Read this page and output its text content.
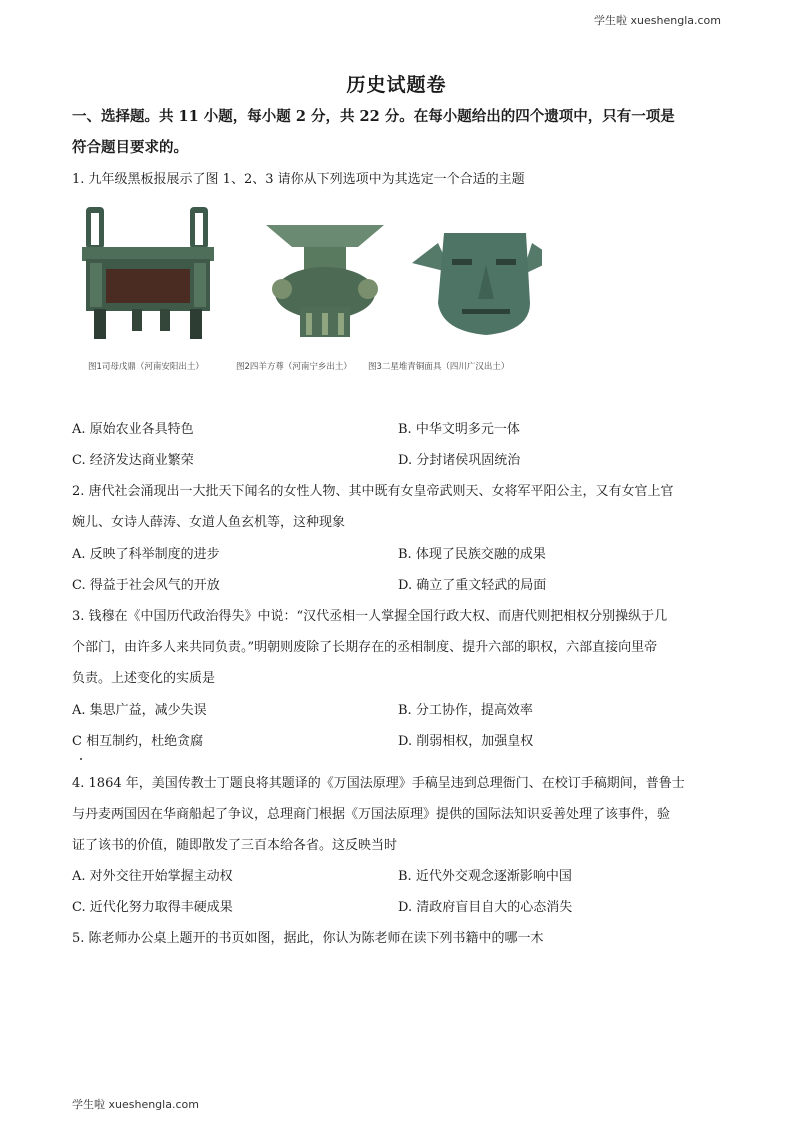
学生啦 xueshengla.com
历史试题卷
一、选择题。共 11 小题，每小题 2 分，共 22 分。在每小题给出的四个遗项中，只有一项是
符合题目要求的。
1. 九年级黑板报展示了图 1、2、3 请你从下列选项中为其选定一个合适的主题
图1司母戊鼎（河南安阳出土）	图2四羊方尊（河南宁乡出土） 图3二星堆青铜面具（四川广汉出土）
A. 原始农业各具特色	B. 中华文明多元一体
C. 经济发达商业繁荣	D. 分封诸侯巩固统治
2. 唐代社会涌现出一大批天下闻名的女性人物、其中既有女皇帝武则天、女将军平阳公主，又有女官上官
婉儿、女诗人薛涛、女道人鱼玄机等，这种现象
A. 反映了科举制度的进步	B. 体现了民族交融的成果
C. 得益于社会风气的开放	D. 确立了重文轻武的局面
3. 钱穆在《中国历代政治得失》中说：“汉代丞相一人掌握全国行政大权、而唐代则把相权分别操纵于几
个部门，由许多人来共同负责。”明朝则废除了长期存在的丞相制度、提升六部的职权，六部直接向里帝
负责。上述变化的实质是
A. 集思广益，减少失误	B. 分工协作，提高效率
C 相互制约，杜绝贪腐	D. 削弱相权，加强皇权
4. 1864 年，美国传教士丁题良将其题译的《万国法原理》手稿呈违到总理衙门、在校订手稿期间，普鲁士
与丹麦两国因在华商船起了争议，总理商门根据《万国法原理》提供的国际法知识妥善处理了该事件，验
证了该书的价值，随即散发了三百本给各省。这反映当时
A. 对外交往开始掌握主动权	B. 近代外交观念逐渐影响中国
C. 近代化努力取得丰硬成果	D. 清政府盲目自大的心态消失
5. 陈老师办公桌上题开的书页如图，据此，你认为陈老师在读下列书籍中的哪一木
学生啦 xueshengla.com
